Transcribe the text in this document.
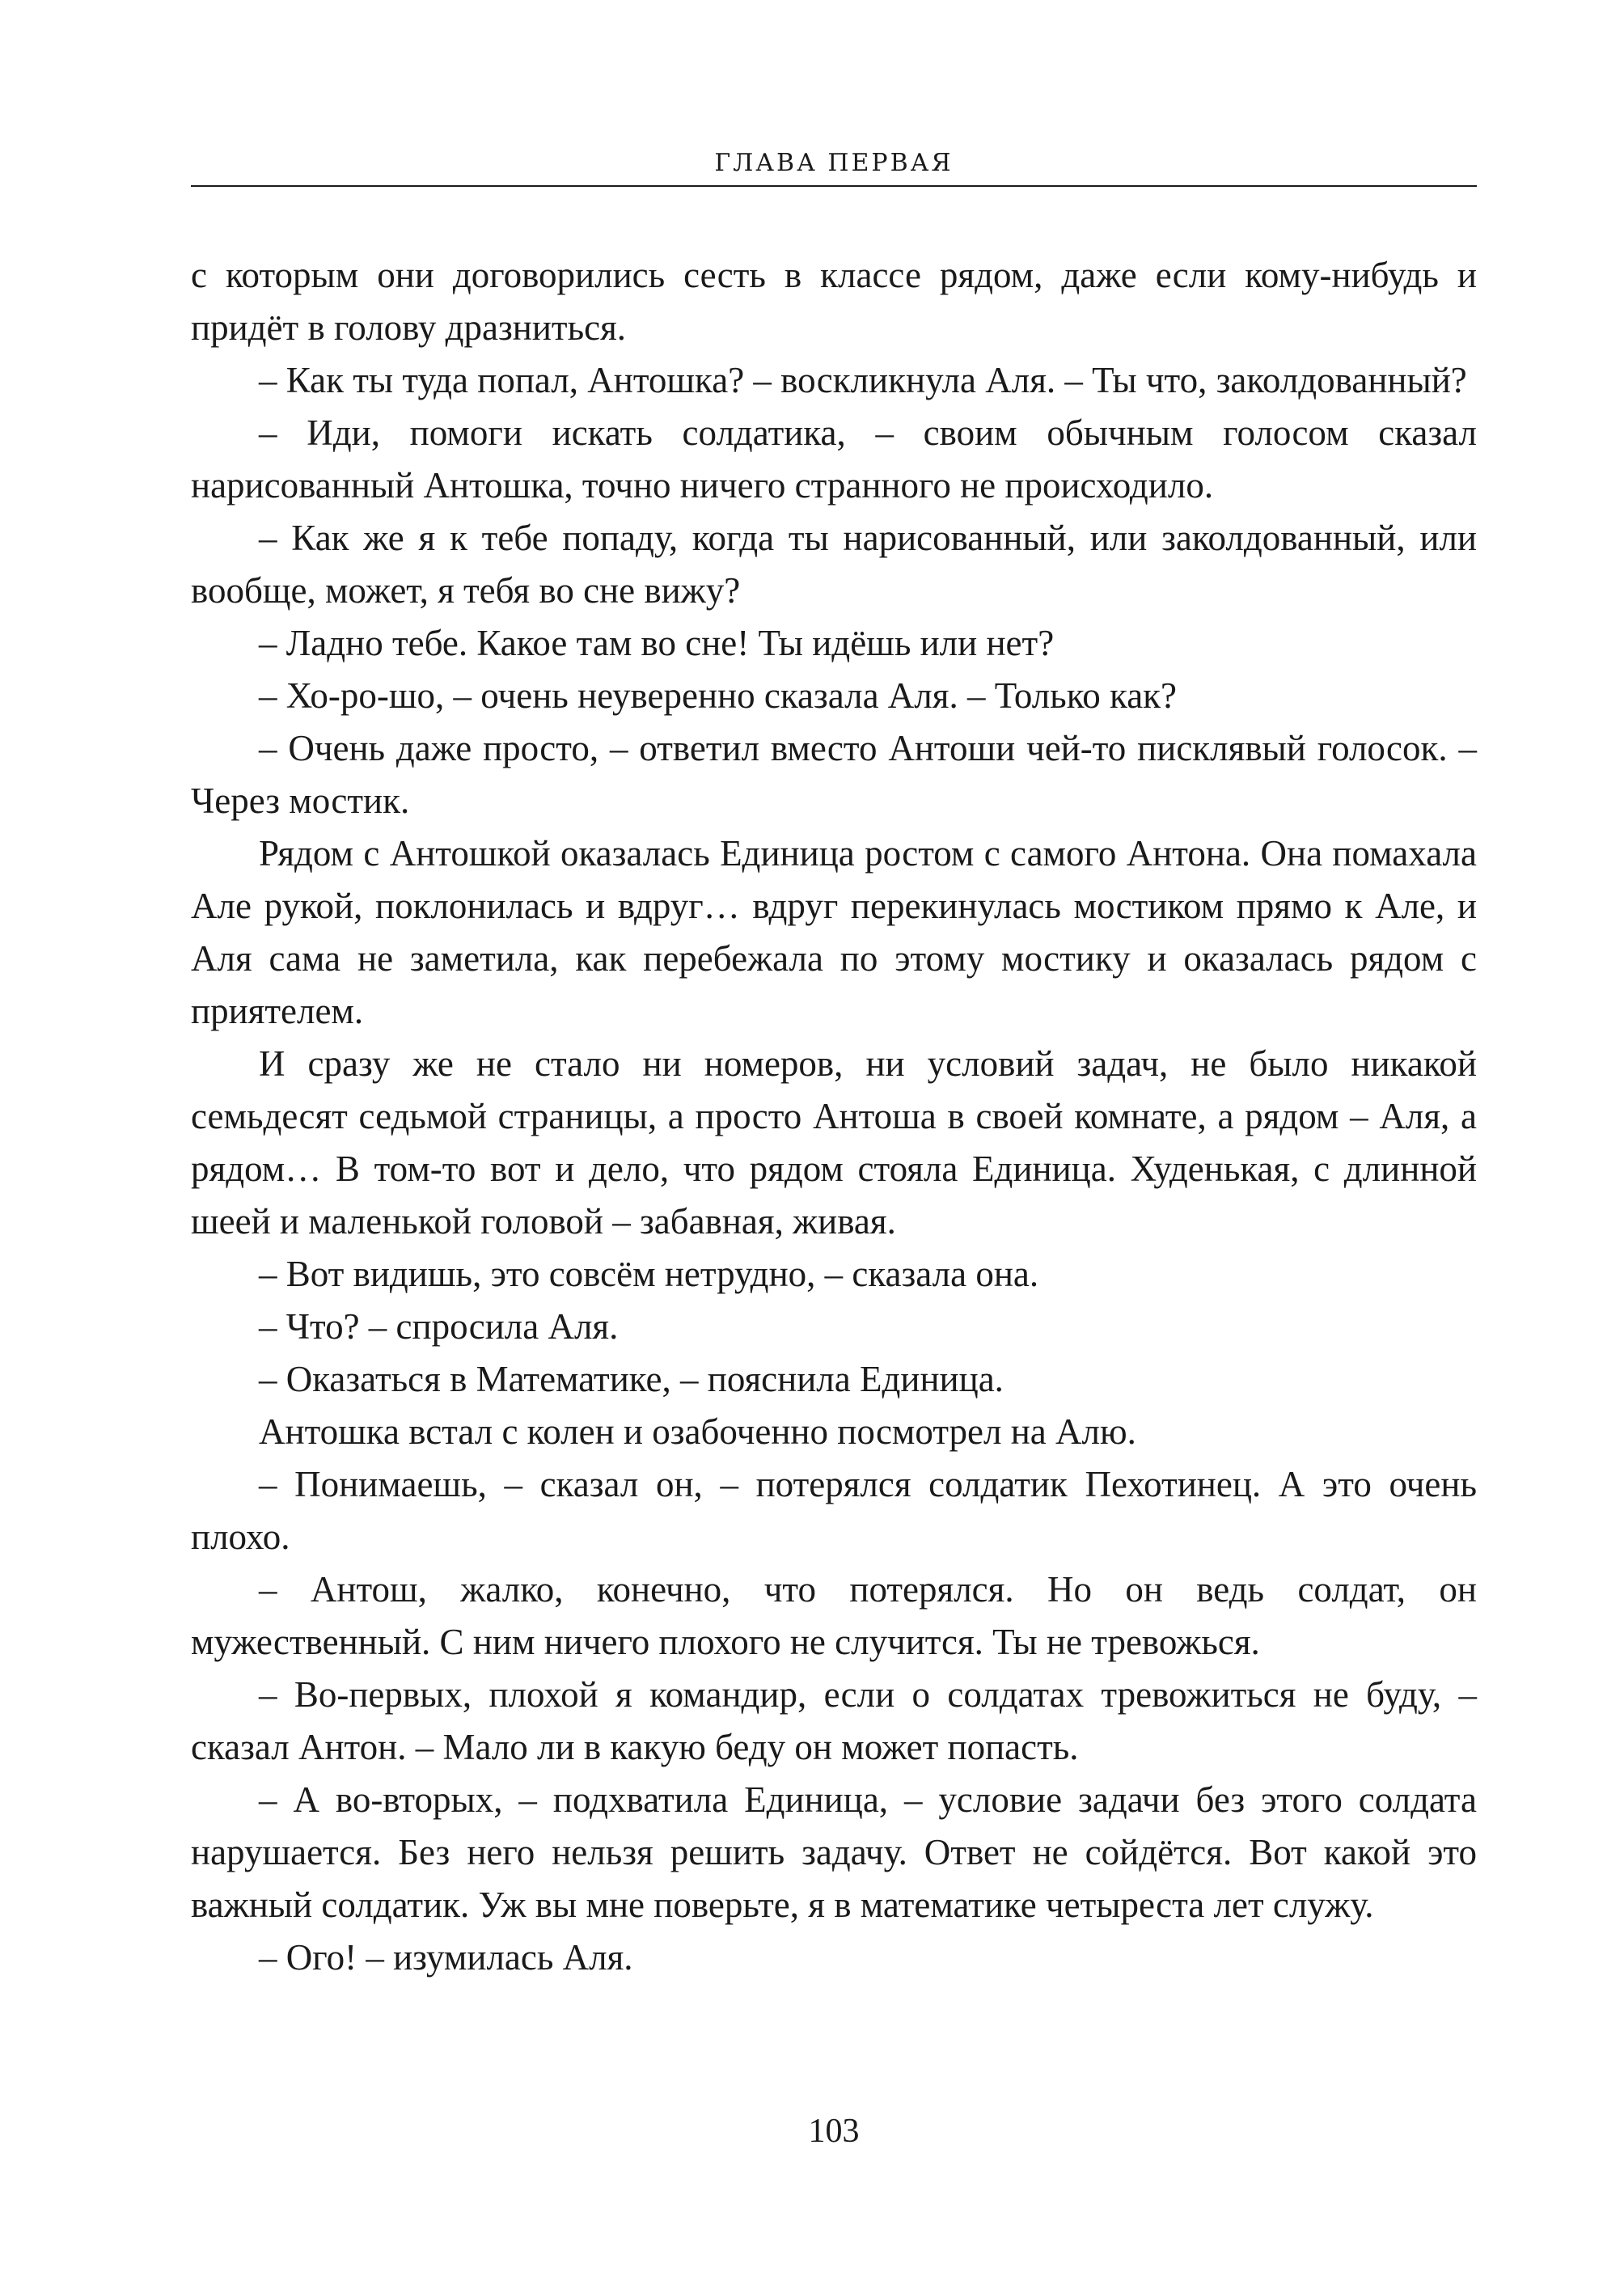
ГЛАВА ПЕРВАЯ

с которым они договорились сесть в классе рядом, даже если кому-нибудь и придёт в голову дразниться.

– Как ты туда попал, Антошка? – воскликнула Аля. – Ты что, заколдованный?

– Иди, помоги искать солдатика, – своим обычным голосом сказал нарисованный Антошка, точно ничего странного не происходило.

– Как же я к тебе попаду, когда ты нарисованный, или заколдованный, или вообще, может, я тебя во сне вижу?

– Ладно тебе. Какое там во сне! Ты идёшь или нет?

– Хо-ро-шо, – очень неуверенно сказала Аля. – Только как?

– Очень даже просто, – ответил вместо Антоши чей-то писклявый голосок. – Через мостик.

Рядом с Антошкой оказалась Единица ростом с самого Антона. Она помахала Але рукой, поклонилась и вдруг… вдруг перекинулась мостиком прямо к Але, и Аля сама не заметила, как перебежала по этому мостику и оказалась рядом с приятелем.

И сразу же не стало ни номеров, ни условий задач, не было никакой семьдесят седьмой страницы, а просто Антоша в своей комнате, а рядом – Аля, а рядом… В том-то вот и дело, что рядом стояла Единица. Худенькая, с длинной шеей и маленькой головой – забавная, живая.

– Вот видишь, это совсём нетрудно, – сказала она.

– Что? – спросила Аля.

– Оказаться в Математике, – пояснила Единица.

Антошка встал с колен и озабоченно посмотрел на Алю.

– Понимаешь, – сказал он, – потерялся солдатик Пехотинец. А это очень плохо.

– Антош, жалко, конечно, что потерялся. Но он ведь солдат, он мужественный. С ним ничего плохого не случится. Ты не тревожься.

– Во-первых, плохой я командир, если о солдатах тревожиться не буду, – сказал Антон. – Мало ли в какую беду он может попасть.

– А во-вторых, – подхватила Единица, – условие задачи без этого солдата нарушается. Без него нельзя решить задачу. Ответ не сойдётся. Вот какой это важный солдатик. Уж вы мне поверьте, я в математике четыреста лет служу.

– Ого! – изумилась Аля.

103
